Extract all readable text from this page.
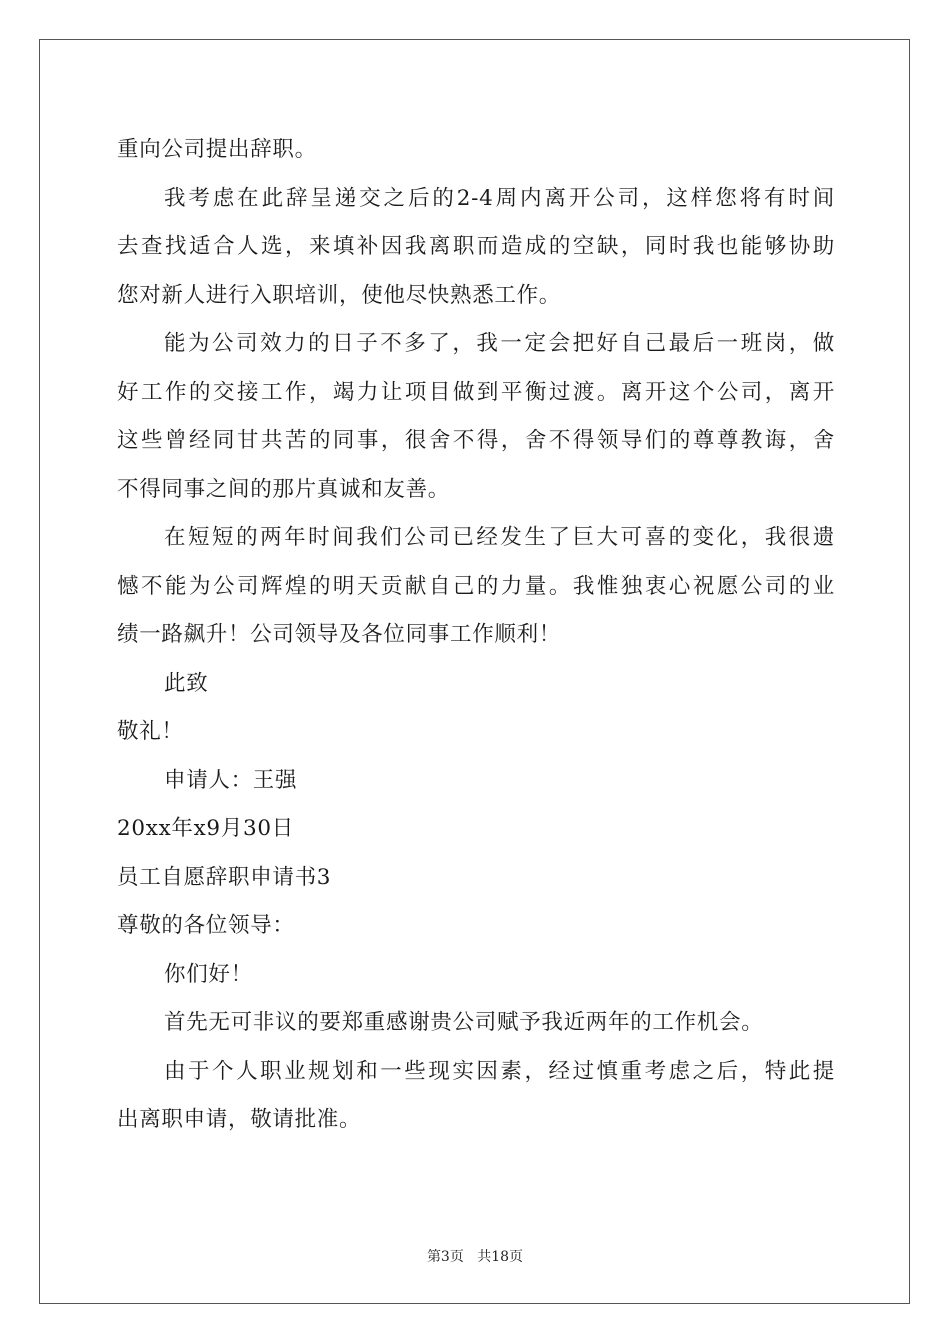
重向公司提出辞职。

我考虑在此辞呈递交之后的2-4周内离开公司，这样您将有时间

去查找适合人选，来填补因我离职而造成的空缺，同时我也能够协助

您对新人进行入职培训，使他尽快熟悉工作。

能为公司效力的日子不多了，我一定会把好自己最后一班岗，做

好工作的交接工作，竭力让项目做到平衡过渡。离开这个公司，离开

这些曾经同甘共苦的同事，很舍不得，舍不得领导们的尊尊教诲，舍

不得同事之间的那片真诚和友善。

在短短的两年时间我们公司已经发生了巨大可喜的变化，我很遗

憾不能为公司辉煌的明天贡献自己的力量。我惟独衷心祝愿公司的业

绩一路飙升！公司领导及各位同事工作顺利！

此致

敬礼！

申请人：王强

20xx年x9月30日

员工自愿辞职申请书3

尊敬的各位领导：

你们好！

首先无可非议的要郑重感谢贵公司赋予我近两年的工作机会。

由于个人职业规划和一些现实因素，经过慎重考虑之后，特此提

出离职申请，敬请批准。

第3页 共18页
